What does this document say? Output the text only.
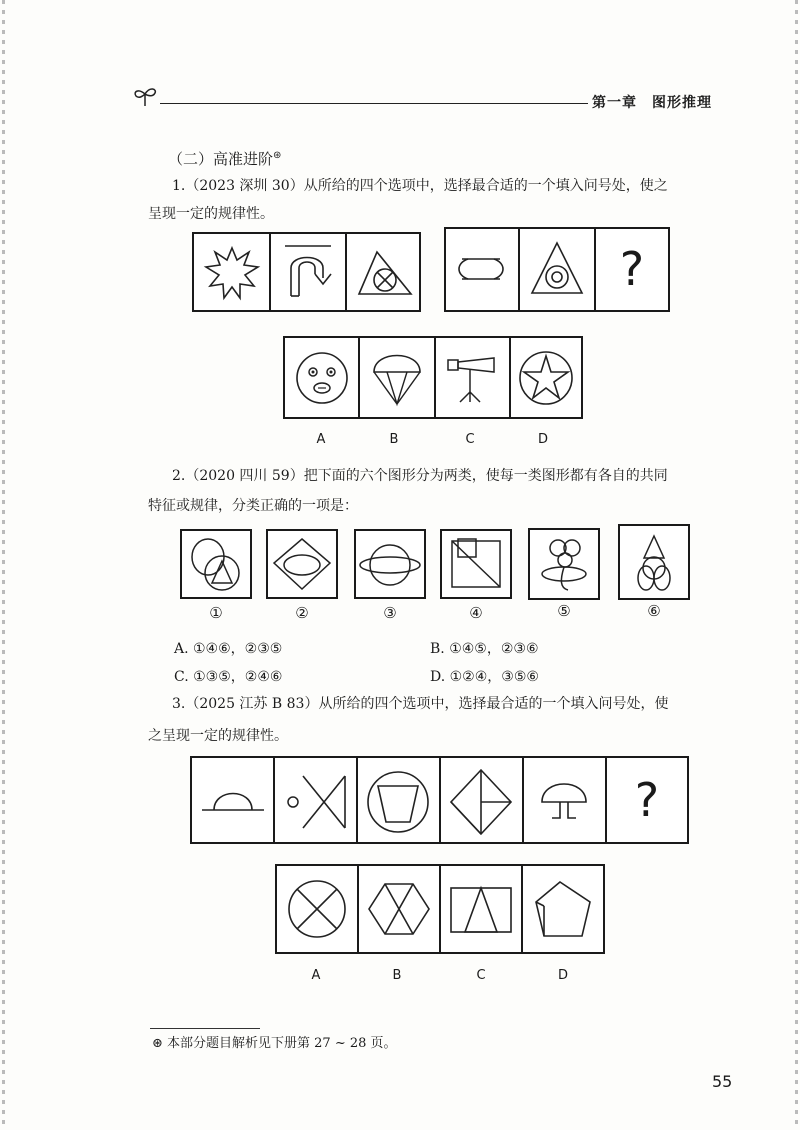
第一章　图形推理
（二）高准进阶⊛
1.（2023 深圳 30）从所给的四个选项中，选择最合适的一个填入问号处，使之
呈现一定的规律性。
?
A	B	C	D
2.（2020 四川 59）把下面的六个图形分为两类，使每一类图形都有各自的共同
特征或规律，分类正确的一项是：
①	②	③	④	⑤	⑥
A. ①④⑥，②③⑤	B. ①④⑤，②③⑥
C. ①③⑤，②④⑥	D. ①②④，③⑤⑥
3.（2025 江苏 B 83）从所给的四个选项中，选择最合适的一个填入问号处，使
之呈现一定的规律性。
?
A	B	C	D
⊛ 本部分题目解析见下册第 27 ~ 28 页。
55
